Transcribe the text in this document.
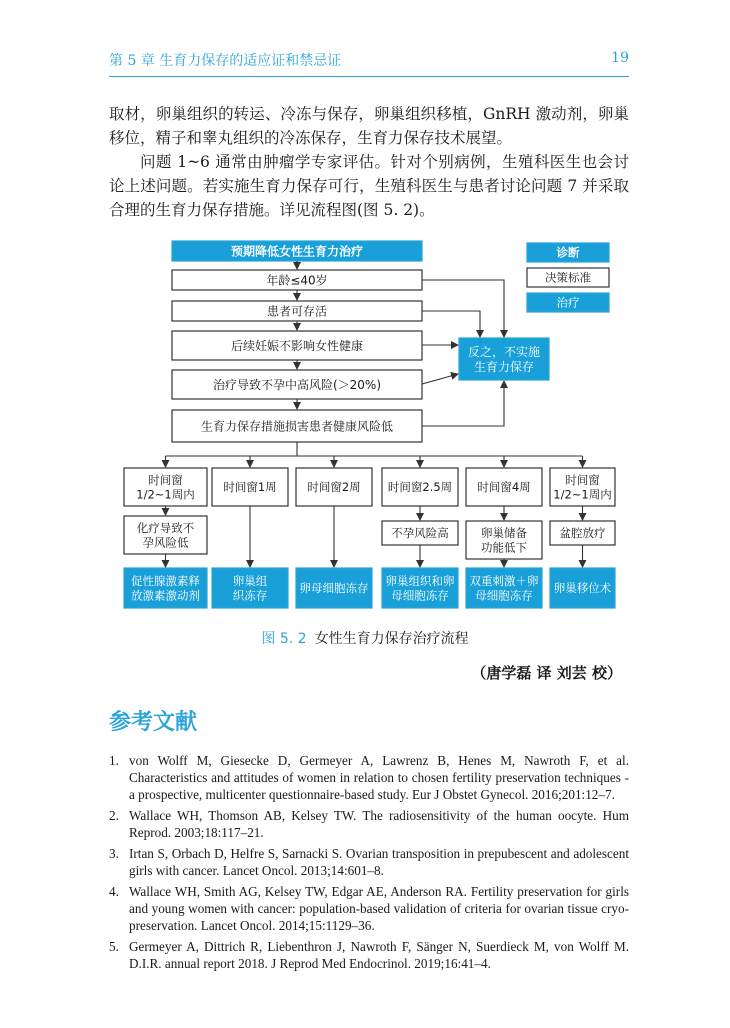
第 5 章 生育力保存的适应证和禁忌证	19
取材，卵巢组织的转运、冷冻与保存，卵巢组织移植，GnRH 激动剂，卵巢移位，精子和睾丸组织的冷冻保存，生育力保存技术展望。
问题 1~6 通常由肿瘤学专家评估。针对个别病例，生殖科医生也会讨论上述问题。若实施生育力保存可行，生殖科医生与患者讨论问题 7 并采取合理的生育力保存措施。详见流程图(图 5. 2)。
诊断
决策标准
治疗
预期降低女性生育力治疗
年龄≤40岁
患者可存活
后续妊娠不影响女性健康
治疗导致不孕中高风险(＞20%)
生育力保存措施损害患者健康风险低
反之，不实施
生育力保存
时间窗
1/2~1周内
化疗导致不
孕风险低
促性腺激素释
放激素激动剂
时间窗1周
卵巢组
织冻存
时间窗2周
卵母细胞冻存
时间窗2.5周
不孕风险高
卵巢组织和卵
母细胞冻存
时间窗4周
卵巢储备
功能低下
双重刺激＋卵
母细胞冻存
时间窗
1/2~1周内
盆腔放疗
卵巢移位术
图 5. 2 女性生育力保存治疗流程
（唐学磊 译 刘芸 校）
参考文献
1. von Wolff M, Giesecke D, Germeyer A, Lawrenz B, Henes M, Nawroth F, et al. Characteristics and attitudes of women in relation to chosen fertility preservation techniques - a prospective, multicenter questionnaire-based study. Eur J Obstet Gynecol. 2016;201:12–7.
2. Wallace WH, Thomson AB, Kelsey TW. The radiosensitivity of the human oocyte. Hum Reprod. 2003;18:117–21.
3. Irtan S, Orbach D, Helfre S, Sarnacki S. Ovarian transposition in prepubescent and adolescent girls with cancer. Lancet Oncol. 2013;14:601–8.
4. Wallace WH, Smith AG, Kelsey TW, Edgar AE, Anderson RA. Fertility preservation for girls and young women with cancer: population-based validation of criteria for ovarian tissue cryo-preservation. Lancet Oncol. 2014;15:1129–36.
5. Germeyer A, Dittrich R, Liebenthron J, Nawroth F, Sänger N, Suerdieck M, von Wolff M. D.I.R. annual report 2018. J Reprod Med Endocrinol. 2019;16:41–4.
